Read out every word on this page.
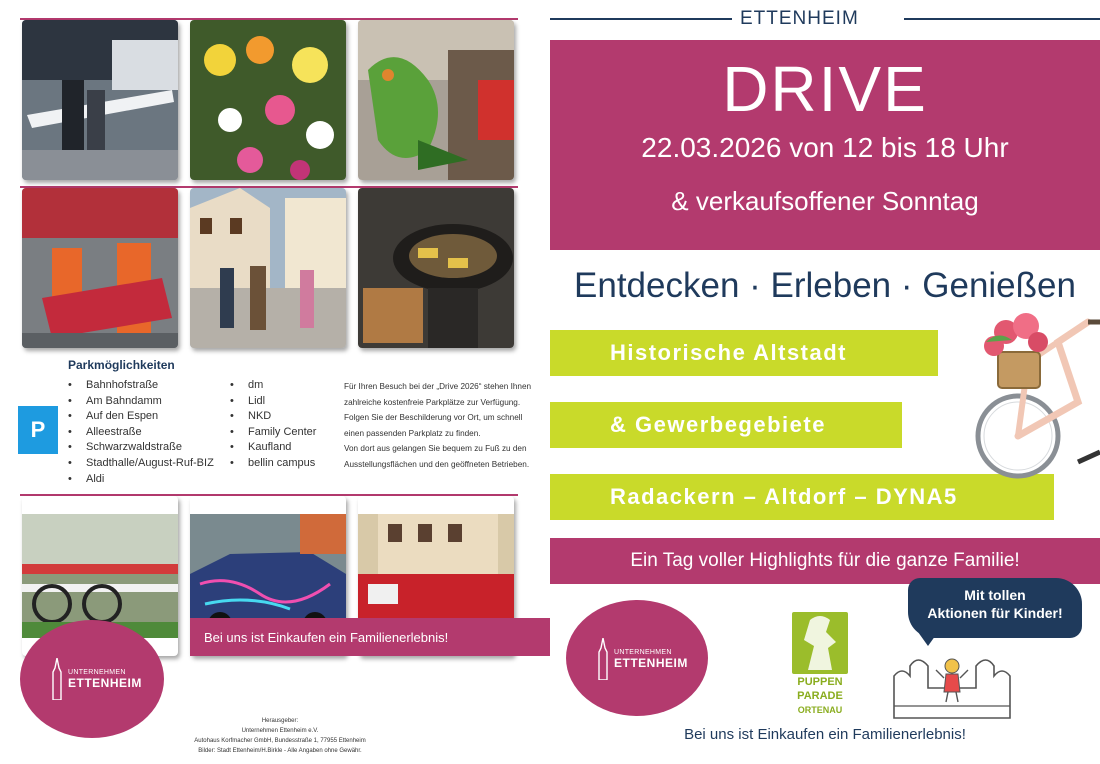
Parkmöglichkeiten
P
• Bahnhofstraße
• Am Bahndamm
• Auf den Espen
• Alleestraße
• Schwarzwaldstraße
• Stadthalle/August-Ruf-BIZ
• Aldi
• dm
• Lidl
• NKD
• Family Center
• Kaufland
• bellin campus
Für Ihren Besuch bei der „Drive 2026“ stehen Ihnen
zahlreiche kostenfreie Parkplätze zur Verfügung.
Folgen Sie der Beschilderung vor Ort, um schnell
einen passenden Parkplatz zu finden.
Von dort aus gelangen Sie bequem zu Fuß zu den
Ausstellungsflächen und den geöffneten Betrieben.
Bei uns ist Einkaufen ein Familienerlebnis!
UNTERNEHMEN
ETTENHEIM
Herausgeber:
Unternehmen Ettenheim e.V.
Autohaus Korfmacher GmbH, Bundesstraße 1, 77955 Ettenheim
Bilder: Stadt Ettenheim/H.Birkle - Alle Angaben ohne Gewähr.
ETTENHEIM
DRIVE
22.03.2026 von 12 bis 18 Uhr
& verkaufsoffener Sonntag
Entdecken · Erleben · Genießen
Historische Altstadt
& Gewerbegebiete
Radackern – Altdorf – DYNA5
Ein Tag voller Highlights für die ganze Familie!
UNTERNEHMEN
ETTENHEIM
PUPPEN
PARADE
ORTENAU
Mit tollen
Aktionen für Kinder!
Bei uns ist Einkaufen ein Familienerlebnis!
